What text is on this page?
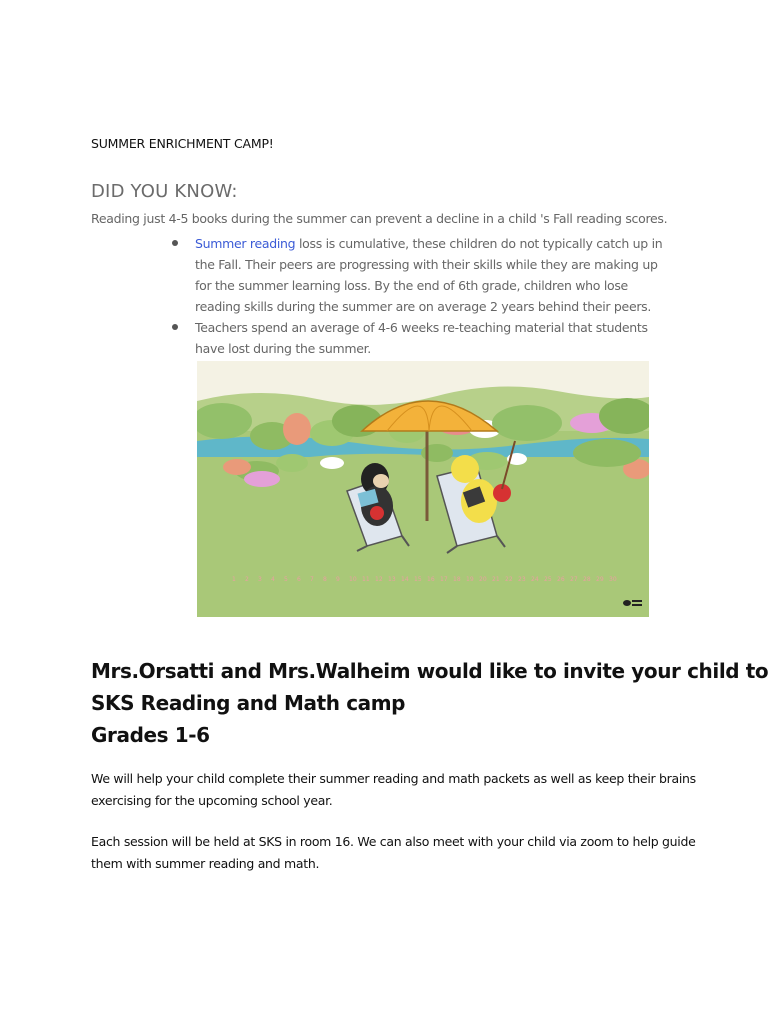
SUMMER ENRICHMENT CAMP!
DID YOU KNOW:
Reading just 4-5 books during the summer can prevent a decline in a child 's Fall reading scores.
Summer reading loss is cumulative, these children do not typically catch up in the Fall. Their peers are progressing with their skills while they are making up for the summer learning loss. By the end of 6th grade, children who lose reading skills during the summer are on average 2 years behind their peers.
Teachers spend an average of 4-6 weeks re-teaching material that students have lost during the summer.
1 2 3 4 5 6 7 8 9 10 11 12 13 14 15 16 17 18 19 20 21 22 23 24 25 26 27 28 29 30
Mrs.Orsatti and Mrs.Walheim would like to invite your child to
SKS Reading and Math camp
Grades 1-6
We will help your child complete their summer reading and math packets as well as keep their brains exercising for the upcoming school year.
Each session will be held at SKS in room 16. We can also meet with your child via zoom to help guide them with summer reading and math.
